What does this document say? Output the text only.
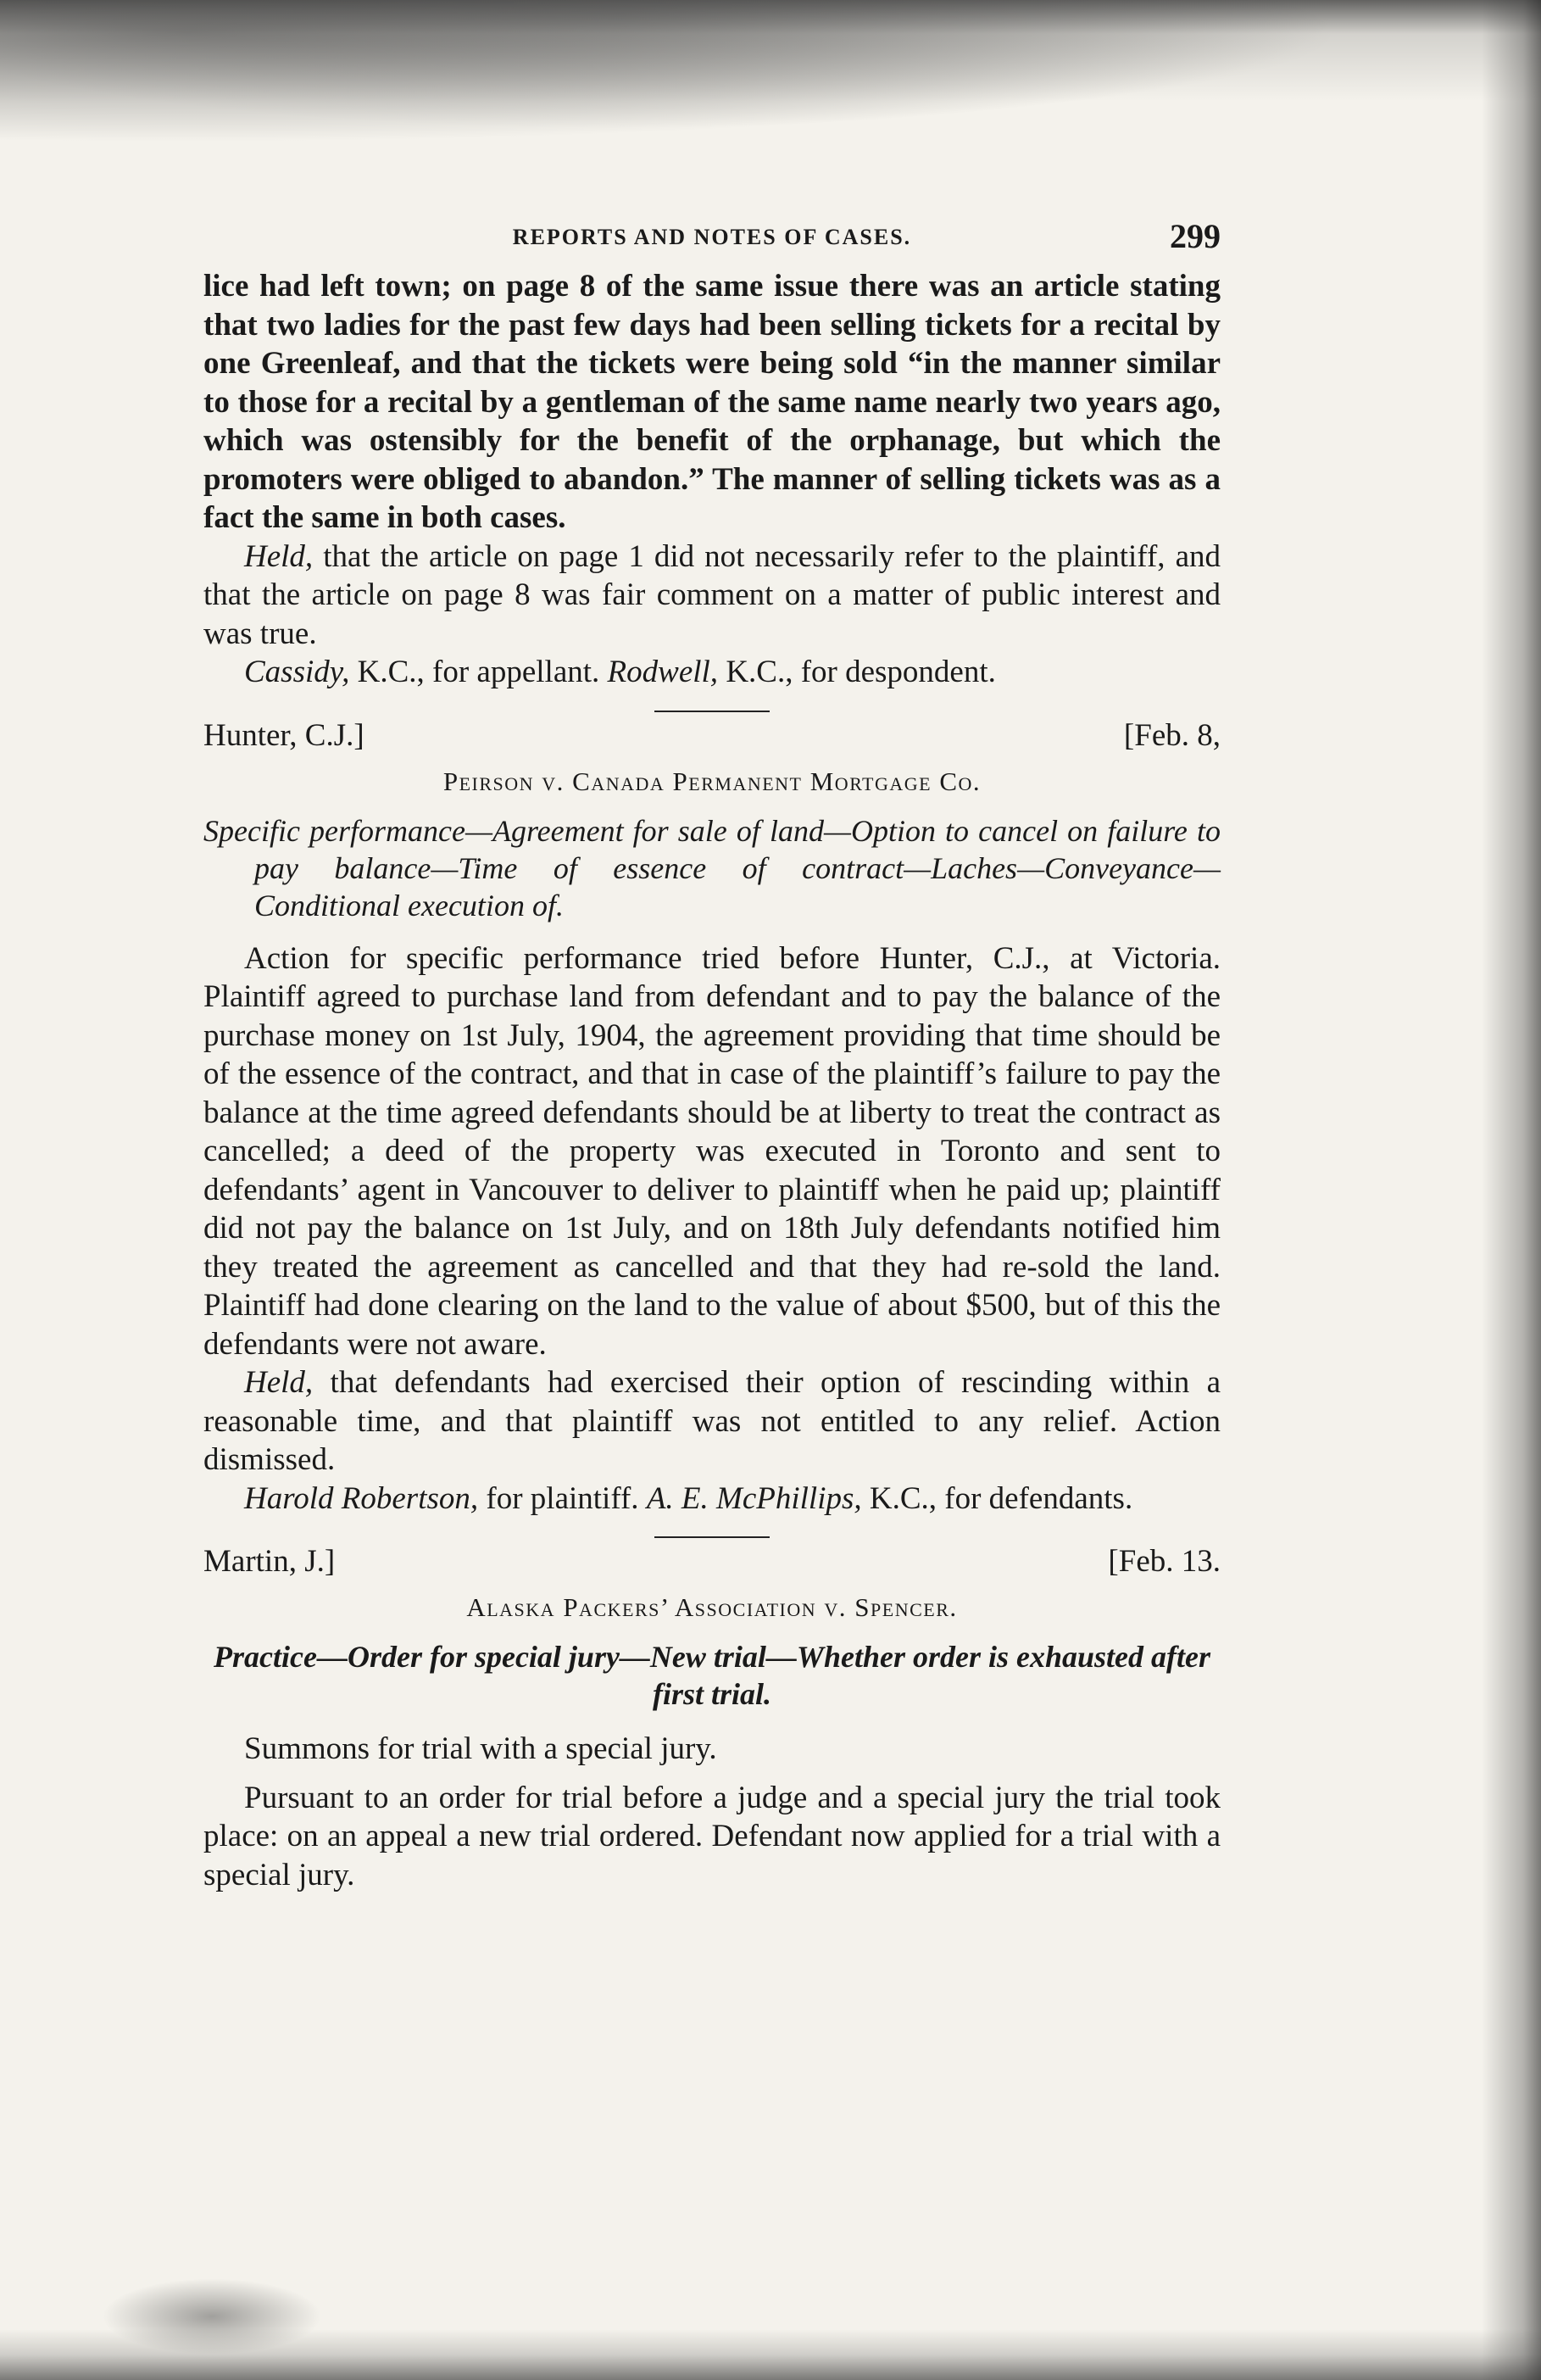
REPORTS AND NOTES OF CASES.	299

lice had left town; on page 8 of the same issue there was an article stating that two ladies for the past few days had been selling tickets for a recital by one Greenleaf, and that the tickets were being sold “in the manner similar to those for a recital by a gentleman of the same name nearly two years ago, which was ostensibly for the benefit of the orphanage, but which the promoters were obliged to abandon.” The manner of selling tickets was as a fact the same in both cases.

Held, that the article on page 1 did not necessarily refer to the plaintiff, and that the article on page 8 was fair comment on a matter of public interest and was true.

Cassidy, K.C., for appellant. Rodwell, K.C., for despondent.

Hunter, C.J.]	[Feb. 8,
Peirson v. Canada Permanent Mortgage Co.

Specific performance—Agreement for sale of land—Option to cancel on failure to pay balance—Time of essence of contract—Laches—Conveyance—Conditional execution of.

Action for specific performance tried before Hunter, C.J., at Victoria. Plaintiff agreed to purchase land from defendant and to pay the balance of the purchase money on 1st July, 1904, the agreement providing that time should be of the essence of the contract, and that in case of the plaintiff’s failure to pay the balance at the time agreed defendants should be at liberty to treat the contract as cancelled; a deed of the property was executed in Toronto and sent to defendants’ agent in Vancouver to deliver to plaintiff when he paid up; plaintiff did not pay the balance on 1st July, and on 18th July defendants notified him they treated the agreement as cancelled and that they had re-sold the land. Plaintiff had done clearing on the land to the value of about $500, but of this the defendants were not aware.

Held, that defendants had exercised their option of rescinding within a reasonable time, and that plaintiff was not entitled to any relief. Action dismissed.

Harold Robertson, for plaintiff. A. E. McPhillips, K.C., for defendants.

Martin, J.]	[Feb. 13.
Alaska Packers’ Association v. Spencer.

Practice—Order for special jury—New trial—Whether order is exhausted after first trial.

Summons for trial with a special jury.

Pursuant to an order for trial before a judge and a special jury the trial took place: on an appeal a new trial ordered. Defendant now applied for a trial with a special jury.
